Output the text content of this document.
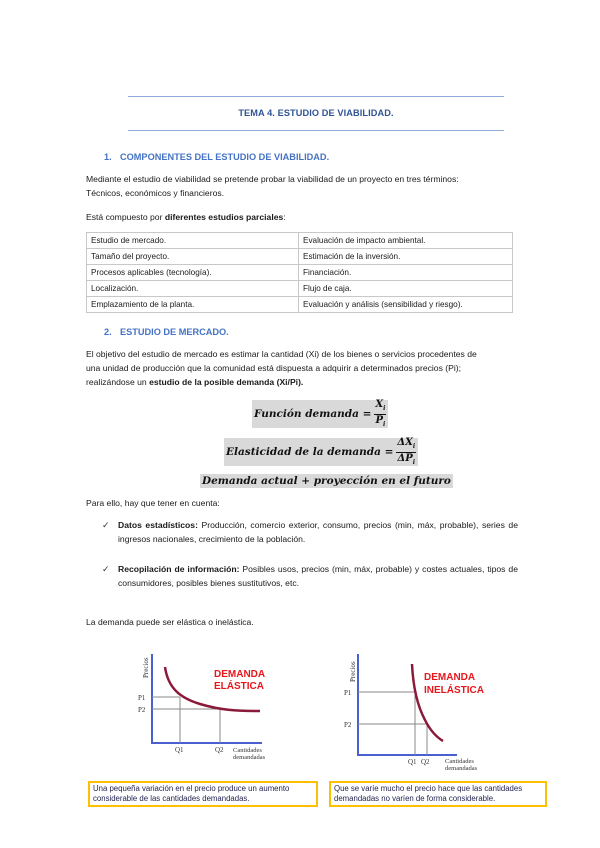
TEMA 4. ESTUDIO DE VIABILIDAD.
1. COMPONENTES DEL ESTUDIO DE VIABILIDAD.
Mediante el estudio de viabilidad se pretende probar la viabilidad de un proyecto en tres términos:
Técnicos, económicos y financieros.
Está compuesto por diferentes estudios parciales:
Estudio de mercado.	Evaluación de impacto ambiental.
Tamaño del proyecto.	Estimación de la inversión.
Procesos aplicables (tecnología).	Financiación.
Localización.	Flujo de caja.
Emplazamiento de la planta.	Evaluación y análisis (sensibilidad y riesgo).
2. ESTUDIO DE MERCADO.
El objetivo del estudio de mercado es estimar la cantidad (Xi) de los bienes o servicios procedentes de
una unidad de producción que la comunidad está dispuesta a adquirir a determinados precios (Pi);
realizándose un estudio de la posible demanda (Xi/Pi).
Función demanda = $\frac{X_i}{P_i}$
Elasticidad de la demanda = $\frac{\Delta X_i}{\Delta P_i}$
Demanda actual + proyección en el futuro
Para ello, hay que tener en cuenta:
✓ Datos estadísticos: Producción, comercio exterior, consumo, precios (min, máx, probable), series de ingresos nacionales, crecimiento de la población.
✓ Recopilación de información: Posibles usos, precios (min, máx, probable) y costes actuales, tipos de consumidores, posibles bienes sustitutivos, etc.
La demanda puede ser elástica o inelástica.
DEMANDA
ELÁSTICA
P1
P2
Q1	Q2 Cantidades
demandadas
Precios
Una pequeña variación en el precio produce un aumento considerable de las cantidades demandadas.
DEMANDA
INELÁSTICA
P1
P2
Q1 Q2 Cantidades
demandadas
Precios
Que se varíe mucho el precio hace que las cantidades demandadas no varíen de forma considerable.
